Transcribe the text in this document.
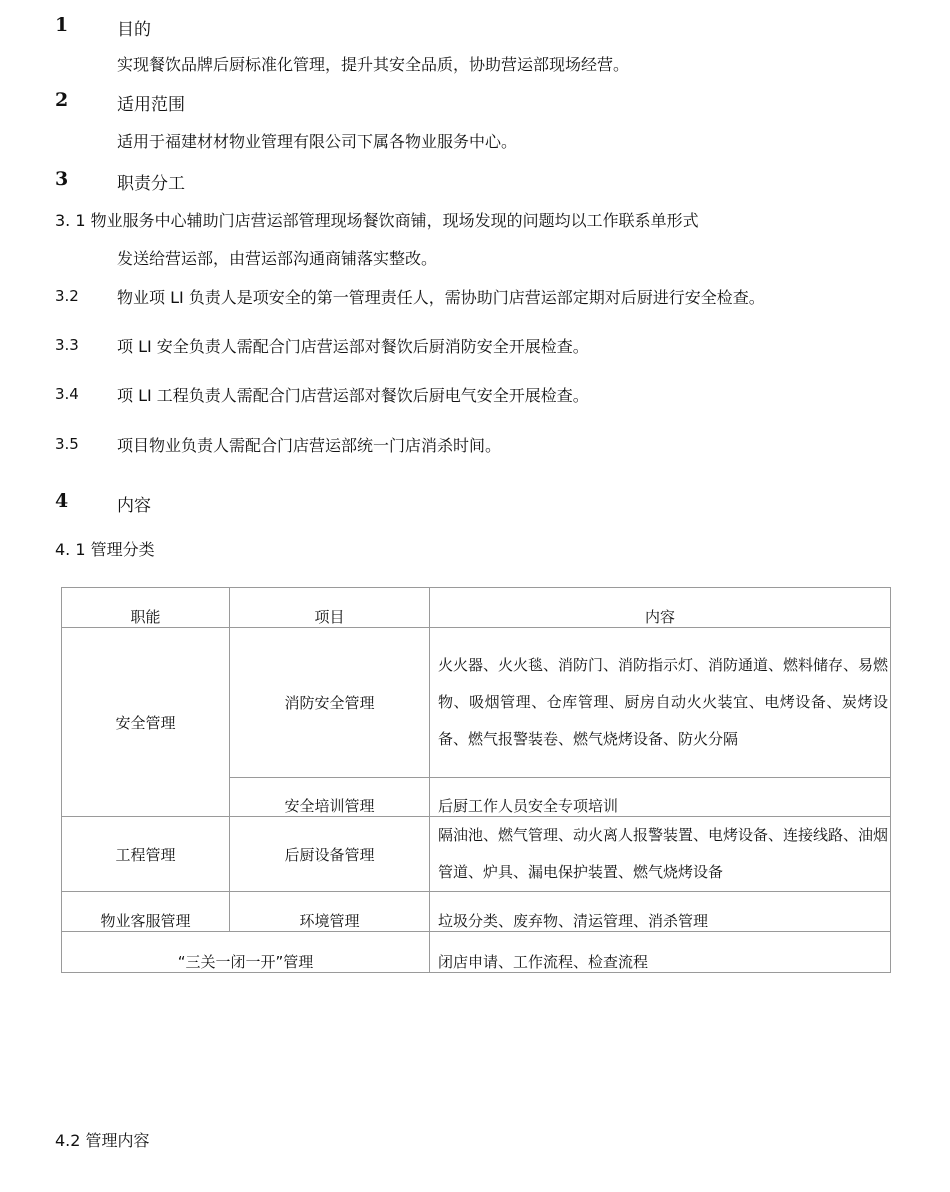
1	目的
实现餐饮品牌后厨标准化管理，提升其安全品质，协助营运部现场经营。
2	适用范围
适用于福建材材物业管理有限公司下属各物业服务中心。
3	职责分工
3. 1 物业服务中心辅助门店营运部管理现场餐饮商铺，现场发现的问题均以工作联系单形式
发送给营运部，由营运部沟通商铺落实整改。
3.2 物业项 LI 负责人是项安全的第一管理责任人，需协助门店营运部定期对后厨进行安全检查。
3.3 项 LI 安全负责人需配合门店营运部对餐饮后厨消防安全开展检查。
3.4 项 LI 工程负责人需配合门店营运部对餐饮后厨电气安全开展检查。
3.5 项目物业负责人需配合门店营运部统一门店消杀时间。
4	内容
4. 1 管理分类
职能	项目	内容
安全管理	消防安全管理	火火器、火火毯、消防门、消防指示灯、消防通道、燃料储存、易燃物、吸烟管理、仓库管理、厨房自动火火装宜、电烤设备、炭烤设备、燃气报警装卷、燃气烧烤设备、防火分隔
	安全培训管理	后厨工作人员安全专项培训
工程管理	后厨设备管理	隔油池、燃气管理、动火离人报警装置、电烤设备、连接线路、油烟管道、炉具、漏电保护装置、燃气烧烤设备
物业客服管理	环境管理	垃圾分类、废弃物、清运管理、消杀管理
“三关一闭一开”管理		闭店申请、工作流程、检查流程
4.2 管理内容
